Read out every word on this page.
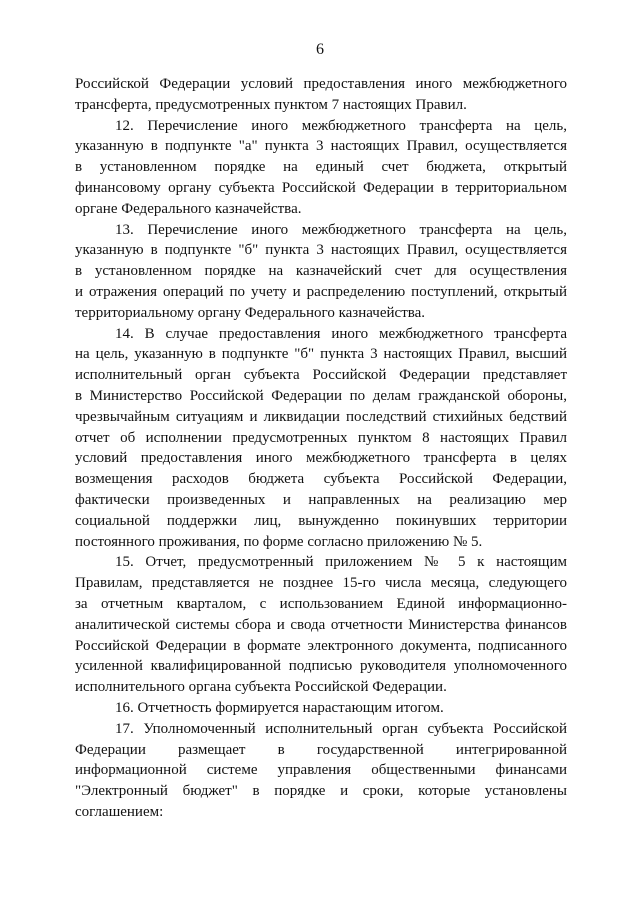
6
Российской Федерации условий предоставления иного межбюджетного
трансферта, предусмотренных пунктом 7 настоящих Правил.
12. Перечисление иного межбюджетного трансферта на цель,
указанную в подпункте "а" пункта 3 настоящих Правил, осуществляется
в установленном порядке на единый счет бюджета, открытый
финансовому органу субъекта Российской Федерации в территориальном
органе Федерального казначейства.
13. Перечисление иного межбюджетного трансферта на цель,
указанную в подпункте "б" пункта 3 настоящих Правил, осуществляется
в установленном порядке на казначейский счет для осуществления
и отражения операций по учету и распределению поступлений, открытый
территориальному органу Федерального казначейства.
14. В случае предоставления иного межбюджетного трансферта
на цель, указанную в подпункте "б" пункта 3 настоящих Правил, высший
исполнительный орган субъекта Российской Федерации представляет
в Министерство Российской Федерации по делам гражданской обороны,
чрезвычайным ситуациям и ликвидации последствий стихийных бедствий
отчет об исполнении предусмотренных пунктом 8 настоящих Правил
условий предоставления иного межбюджетного трансферта в целях
возмещения расходов бюджета субъекта Российской Федерации,
фактически произведенных и направленных на реализацию мер
социальной поддержки лиц, вынужденно покинувших территории
постоянного проживания, по форме согласно приложению № 5.
15. Отчет, предусмотренный приложением № 5 к настоящим
Правилам, представляется не позднее 15-го числа месяца, следующего
за отчетным кварталом, с использованием Единой информационно-
аналитической системы сбора и свода отчетности Министерства финансов
Российской Федерации в формате электронного документа, подписанного
усиленной квалифицированной подписью руководителя уполномоченного
исполнительного органа субъекта Российской Федерации.
16. Отчетность формируется нарастающим итогом.
17. Уполномоченный исполнительный орган субъекта Российской
Федерации размещает в государственной интегрированной
информационной системе управления общественными финансами
"Электронный бюджет" в порядке и сроки, которые установлены
соглашением:
